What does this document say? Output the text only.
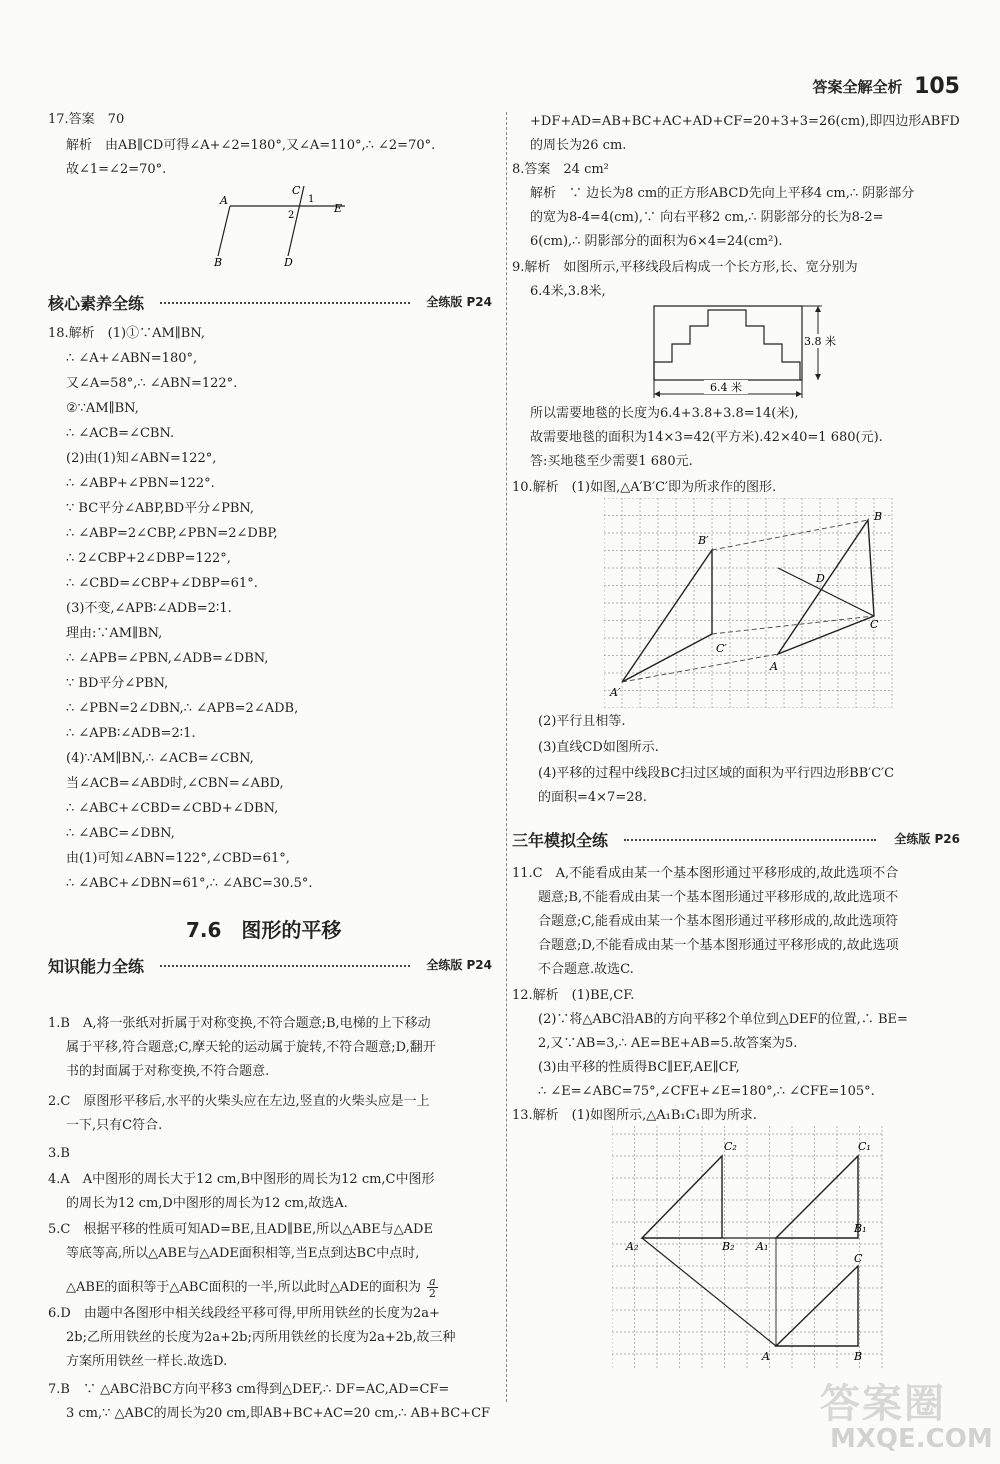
答案全解全析 105
17.答案　70
解析　由AB∥CD可得∠A+∠2=180°,又∠A=110°,∴ ∠2=70°.
故∠1=∠2=70°.
A
C
1
2
E
B	D
核心素养全练	全练版 P24
18.解析　(1)①∵AM∥BN,
∴ ∠A+∠ABN=180°,
又∠A=58°,∴ ∠ABN=122°.
②∵AM∥BN,
∴ ∠ACB=∠CBN.
(2)由(1)知∠ABN=122°,
∴ ∠ABP+∠PBN=122°.
∵ BC平分∠ABP,BD平分∠PBN,
∴ ∠ABP=2∠CBP,∠PBN=2∠DBP,
∴ 2∠CBP+2∠DBP=122°,
∴ ∠CBD=∠CBP+∠DBP=61°.
(3)不变,∠APB∶∠ADB=2∶1.
理由:∵AM∥BN,
∴ ∠APB=∠PBN,∠ADB=∠DBN,
∵ BD平分∠PBN,
∴ ∠PBN=2∠DBN,∴ ∠APB=2∠ADB,
∴ ∠APB∶∠ADB=2∶1.
(4)∵AM∥BN,∴ ∠ACB=∠CBN,
当∠ACB=∠ABD时,∠CBN=∠ABD,
∴ ∠ABC+∠CBD=∠CBD+∠DBN,
∴ ∠ABC=∠DBN,
由(1)可知∠ABN=122°,∠CBD=61°,
∴ ∠ABC+∠DBN=61°,∴ ∠ABC=30.5°.
7.6　图形的平移
知识能力全练	全练版 P24
1.B　A,将一张纸对折属于对称变换,不符合题意;B,电梯的上下移动
属于平移,符合题意;C,摩天轮的运动属于旋转,不符合题意;D,翻开
书的封面属于对称变换,不符合题意.
2.C　原图形平移后,水平的火柴头应在左边,竖直的火柴头应是一上
一下,只有C符合.
3.B
4.A　A中图形的周长大于12 cm,B中图形的周长为12 cm,C中图形
的周长为12 cm,D中图形的周长为12 cm,故选A.
5.C　根据平移的性质可知AD=BE,且AD∥BE,所以△ABE与△ADE
等底等高,所以△ABE与△ADE面积相等,当E点到达BC中点时,
△ABE的面积等于△ABC面积的一半,所以此时△ADE的面积为 $\frac{a}{2}$
6.D　由题中各图形中相关线段经平移可得,甲所用铁丝的长度为2a+
2b;乙所用铁丝的长度为2a+2b;丙所用铁丝的长度为2a+2b,故三种
方案所用铁丝一样长.故选D.
7.B　∵ △ABC沿BC方向平移3 cm得到△DEF,∴ DF=AC,AD=CF=
3 cm,∵ △ABC的周长为20 cm,即AB+BC+AC=20 cm,∴ AB+BC+CF
+DF+AD=AB+BC+AC+AD+CF=20+3+3=26(cm),即四边形ABFD
的周长为26 cm.
8.答案　24 cm²
解析　∵ 边长为8 cm的正方形ABCD先向上平移4 cm,∴ 阴影部分
的宽为8-4=4(cm),∵ 向右平移2 cm,∴ 阴影部分的长为8-2=
6(cm),∴ 阴影部分的面积为6×4=24(cm²).
9.解析　如图所示,平移线段后构成一个长方形,长、宽分别为
6.4米,3.8米,
6.4 米
3.8 米
所以需要地毯的长度为6.4+3.8+3.8=14(米),
故需要地毯的面积为14×3=42(平方米).42×40=1 680(元).
答:买地毯至少需要1 680元.
10.解析　(1)如图,△A′B′C′即为所求作的图形.
B
B′
D
C
C′
A
A′
(2)平行且相等.
(3)直线CD如图所示.
(4)平移的过程中线段BC扫过区域的面积为平行四边形BB′C′C
的面积=4×7=28.
三年模拟全练	全练版 P26
11.C　A,不能看成由某一个基本图形通过平移形成的,故此选项不合
题意;B,不能看成由某一个基本图形通过平移形成的,故此选项不
合题意;C,能看成由某一个基本图形通过平移形成的,故此选项符
合题意;D,不能看成由某一个基本图形通过平移形成的,故此选项
不合题意.故选C.
12.解析　(1)BE,CF.
(2)∵将△ABC沿AB的方向平移2个单位到△DEF的位置,∴ BE=
2,又∵AB=3,∴ AE=BE+AB=5.故答案为5.
(3)由平移的性质得BC∥EF,AE∥CF,
∴ ∠E=∠ABC=75°,∠CFE+∠E=180°,∴ ∠CFE=105°.
13.解析　(1)如图所示,△A₁B₁C₁即为所求.
C₂	C₁
B₁
A₂	B₂ A₁
C
A	B
答案圈
MXQE.COM
